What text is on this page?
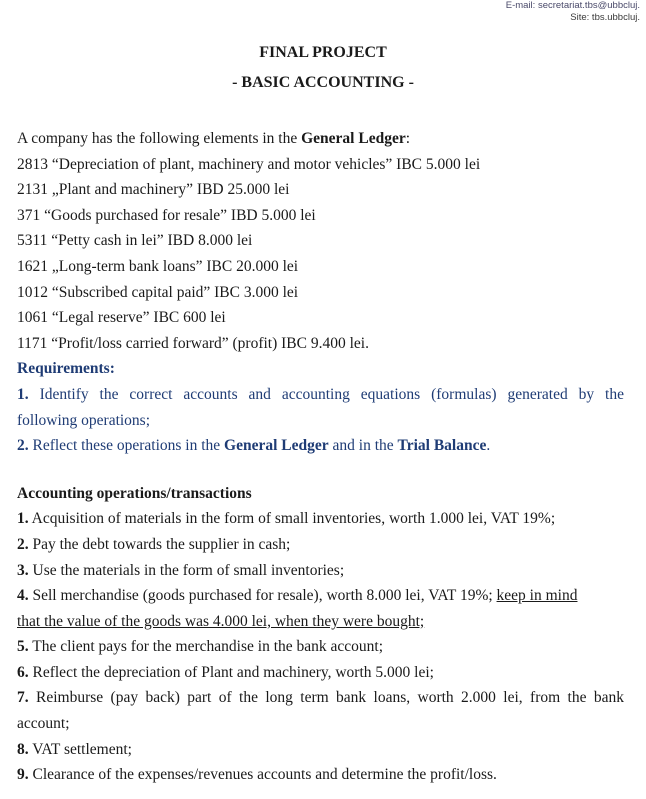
E-mail: secretariat.tbs@ubbcluj.
Site: tbs.ubbcluj.

FINAL PROJECT

- BASIC ACCOUNTING -

A company has the following elements in the General Ledger:
2813 “Depreciation of plant, machinery and motor vehicles” IBC 5.000 lei
2131 „Plant and machinery” IBD 25.000 lei
371 “Goods purchased for resale” IBD 5.000 lei
5311 “Petty cash in lei” IBD 8.000 lei
1621 „Long-term bank loans” IBC 20.000 lei
1012 “Subscribed capital paid” IBC 3.000 lei
1061 “Legal reserve” IBC 600 lei
1171 “Profit/loss carried forward” (profit) IBC 9.400 lei.
Requirements:
1. Identify the correct accounts and accounting equations (formulas) generated by the
following operations;
2. Reflect these operations in the General Ledger and in the Trial Balance.
Accounting operations/transactions
1. Acquisition of materials in the form of small inventories, worth 1.000 lei, VAT 19%;
2. Pay the debt towards the supplier in cash;
3. Use the materials in the form of small inventories;
4. Sell merchandise (goods purchased for resale), worth 8.000 lei, VAT 19%; keep in mind
that the value of the goods was 4.000 lei, when they were bought;
5. The client pays for the merchandise in the bank account;
6. Reflect the depreciation of Plant and machinery, worth 5.000 lei;
7. Reimburse (pay back) part of the long term bank loans, worth 2.000 lei, from the bank
account;
8. VAT settlement;
9. Clearance of the expenses/revenues accounts and determine the profit/loss.
